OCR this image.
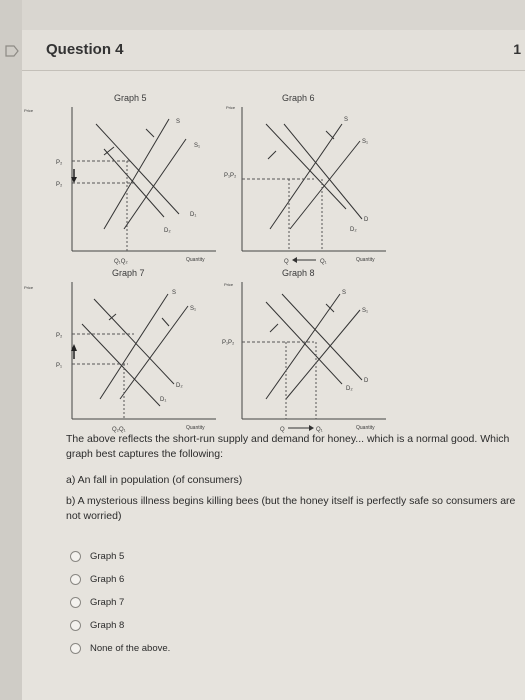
Question 4	1
Graph 5
Price
S
S₁
D₁
D₂
P₂
P₂
Q₁Q₂	Quantity
Graph 6
Price
S
S₁
D
D₂
P₁P₂
Q	Q₁	Quantity
Graph 7
Price
S
S₁
D₂
D₁
P₂
P₁
Q₂Q₁	Quantity
Graph 8
Price
S
S₁
D₂
D
P₁P₂
Q	Q₁	Quantity
The above reflects the short-run supply and demand for honey... which is a normal good. Which graph best captures the following:
a) An fall in population (of consumers)
b) A mysterious illness begins killing bees (but the honey itself is perfectly safe so consumers are not worried)
Graph 5
Graph 6
Graph 7
Graph 8
None of the above.
